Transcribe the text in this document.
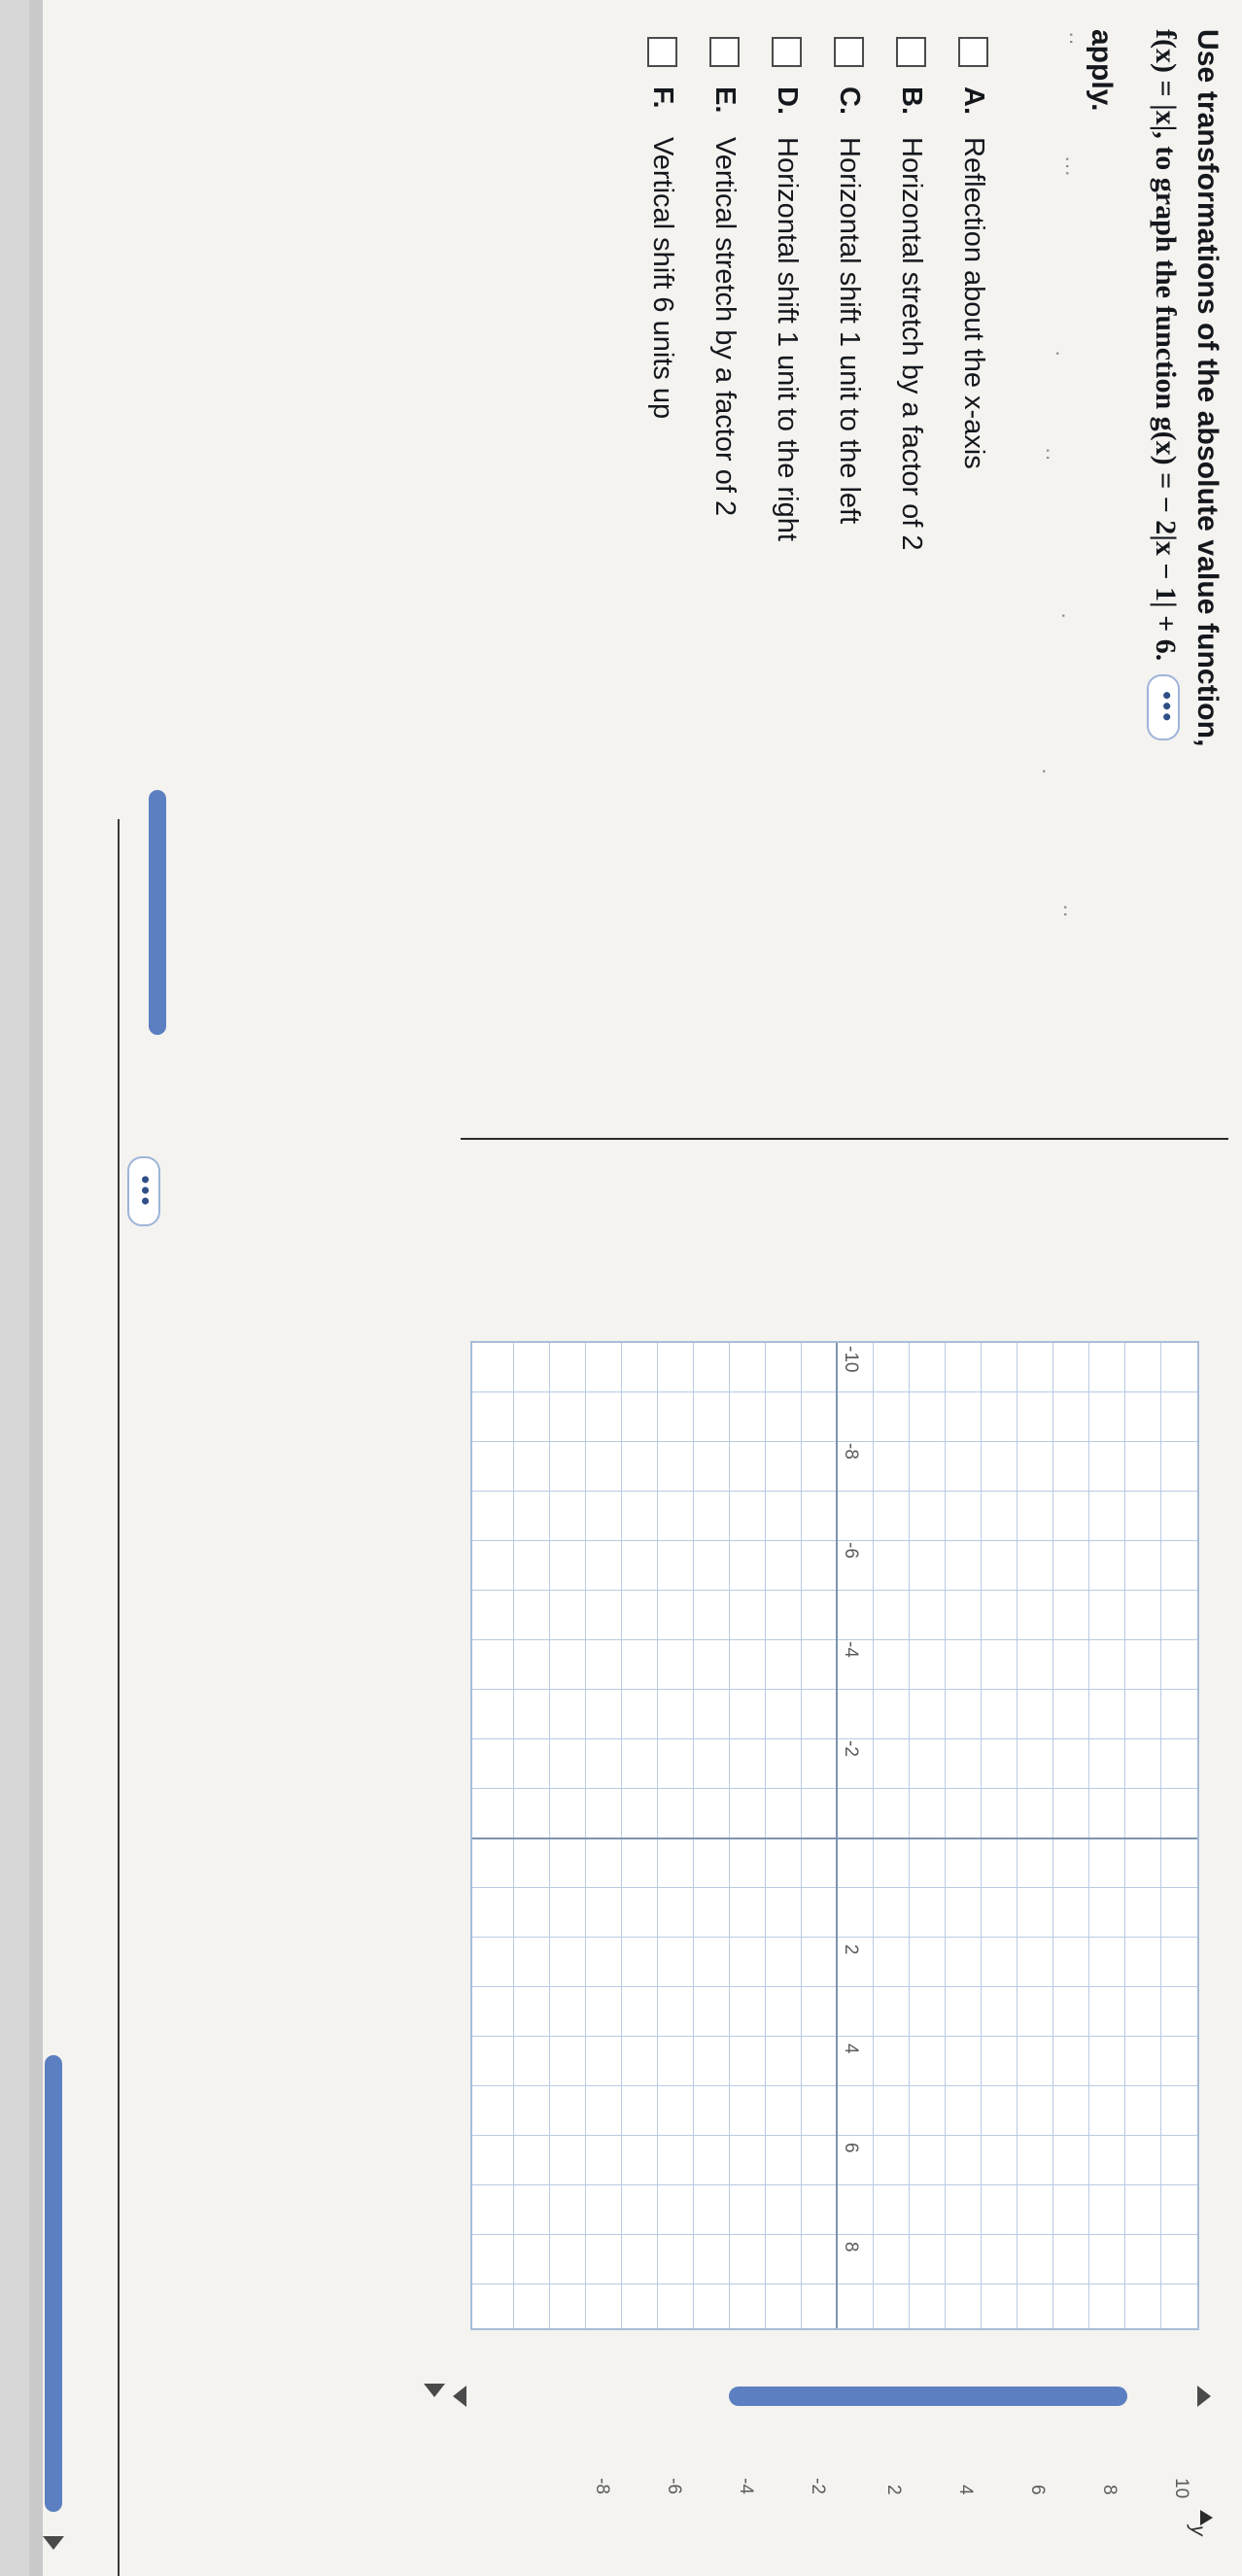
Use transformations of the absolute value function,
f(x) = |x|, to graph the function g(x) = − 2|x − 1| + 6. •••
apply.
··
···
·
··
·
·
··
A.
Reflection about the x-axis
B.
Horizontal stretch by a factor of 2
C.
Horizontal shift 1 unit to the left
D.
Horizontal shift 1 unit to the right
E.
Vertical stretch by a factor of 2
F.
Vertical shift 6 units up
•••
y
10
8
6
4
2
-2
-4
-6
-8
-10
-8
-6
-4
-2
2
4
6
8
